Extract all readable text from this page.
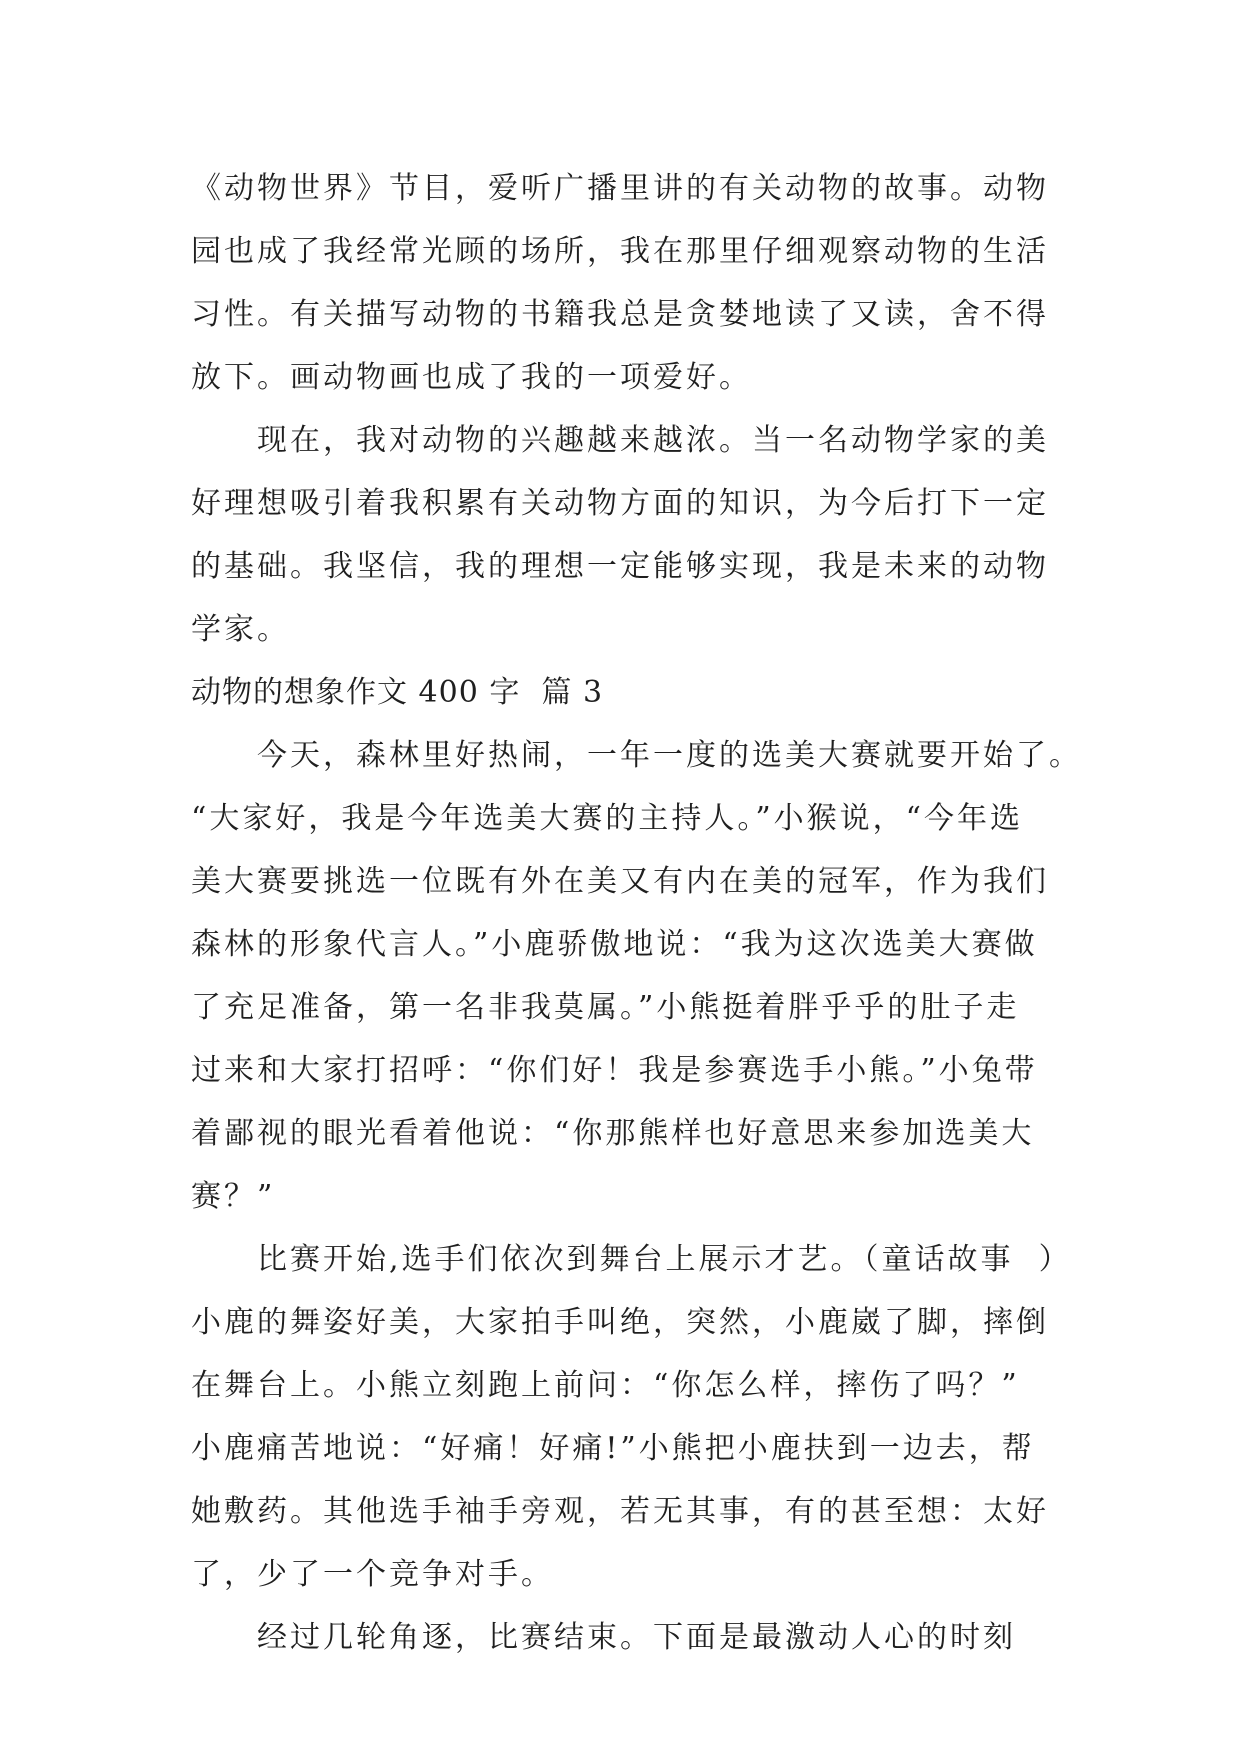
《动物世界》节目，爱听广播里讲的有关动物的故事。动物
园也成了我经常光顾的场所，我在那里仔细观察动物的生活
习性。有关描写动物的书籍我总是贪婪地读了又读，舍不得
放下。画动物画也成了我的一项爱好。
现在，我对动物的兴趣越来越浓。当一名动物学家的美
好理想吸引着我积累有关动物方面的知识，为今后打下一定
的基础。我坚信，我的理想一定能够实现，我是未来的动物
学家。
动物的想象作文 400 字  篇 3
今天，森林里好热闹，一年一度的选美大赛就要开始了。
“大家好，我是今年选美大赛的主持人。”小猴说，“今年选
美大赛要挑选一位既有外在美又有内在美的冠军，作为我们
森林的形象代言人。”小鹿骄傲地说：“我为这次选美大赛做
了充足准备，第一名非我莫属。”小熊挺着胖乎乎的肚子走
过来和大家打招呼：“你们好！我是参赛选手小熊。”小兔带
着鄙视的眼光看着他说：“你那熊样也好意思来参加选美大
赛？”
比赛开始,选手们依次到舞台上展示才艺。（童话故事  ）
小鹿的舞姿好美，大家拍手叫绝，突然，小鹿崴了脚，摔倒
在舞台上。小熊立刻跑上前问：“你怎么样，摔伤了吗？”
小鹿痛苦地说：“好痛！好痛!”小熊把小鹿扶到一边去，帮
她敷药。其他选手袖手旁观，若无其事，有的甚至想：太好
了，少了一个竞争对手。
经过几轮角逐，比赛结束。下面是最激动人心的时刻
